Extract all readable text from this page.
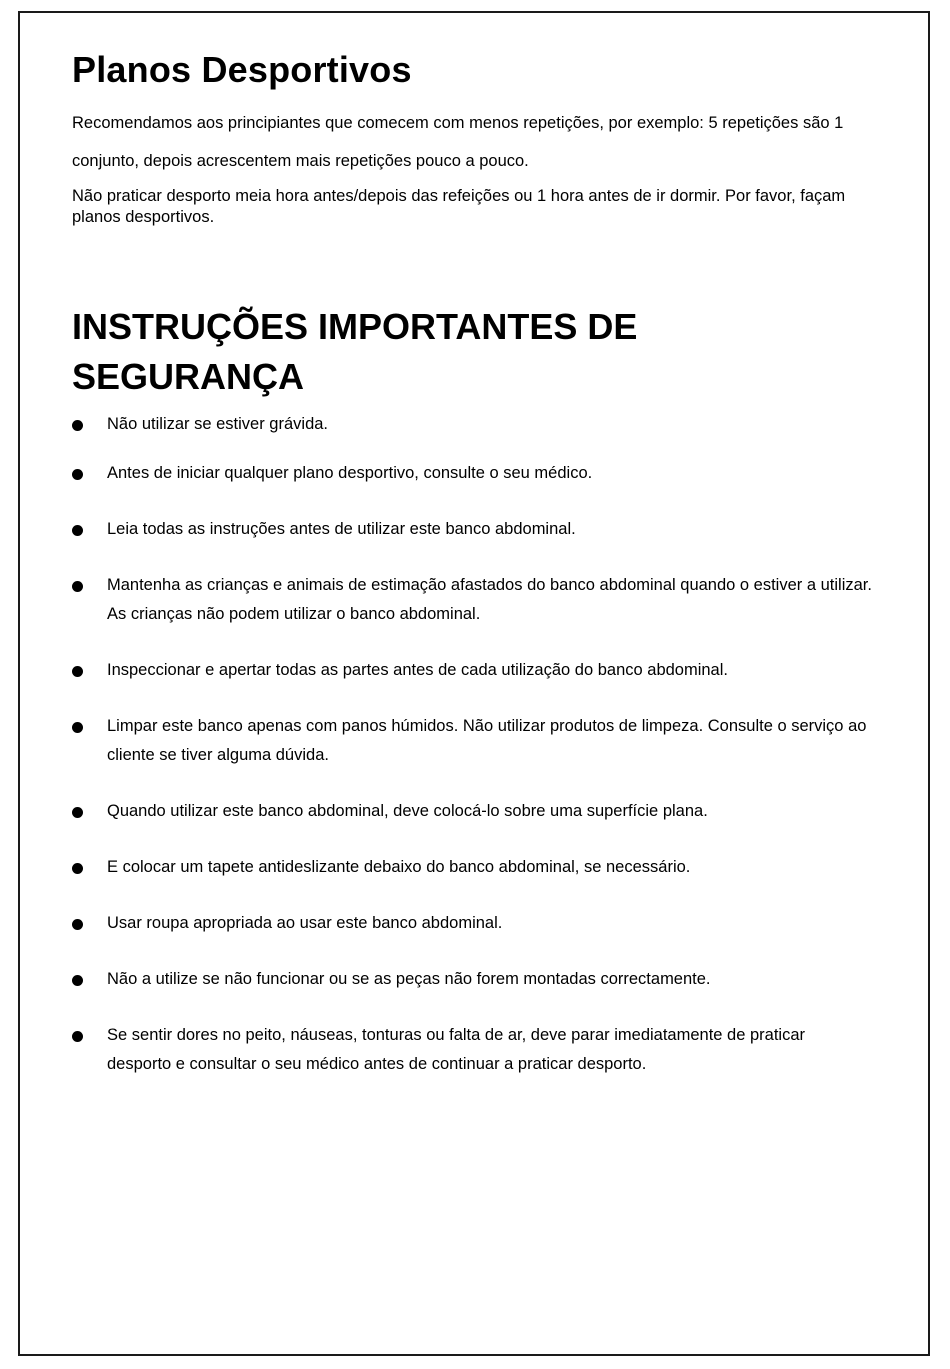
Planos Desportivos

Recomendamos aos principiantes que comecem com menos repetições, por exemplo: 5 repetições são 1 conjunto, depois acrescentem mais repetições pouco a pouco.

Não praticar desporto meia hora antes/depois das refeições ou 1 hora antes de ir dormir. Por favor, façam planos desportivos.

INSTRUÇÕES IMPORTANTES DE SEGURANÇA
Não utilizar se estiver grávida.
Antes de iniciar qualquer plano desportivo, consulte o seu médico.
Leia todas as instruções antes de utilizar este banco abdominal.
Mantenha as crianças e animais de estimação afastados do banco abdominal quando o estiver a utilizar. As crianças não podem utilizar o banco abdominal.
Inspeccionar e apertar todas as partes antes de cada utilização do banco abdominal.
Limpar este banco apenas com panos húmidos. Não utilizar produtos de limpeza. Consulte o serviço ao cliente se tiver alguma dúvida.
Quando utilizar este banco abdominal, deve colocá-lo sobre uma superfície plana.
E colocar um tapete antideslizante debaixo do banco abdominal, se necessário.
Usar roupa apropriada ao usar este banco abdominal.
Não a utilize se não funcionar ou se as peças não forem montadas correctamente.
Se sentir dores no peito, náuseas, tonturas ou falta de ar, deve parar imediatamente de praticar desporto e consultar o seu médico antes de continuar a praticar desporto.
